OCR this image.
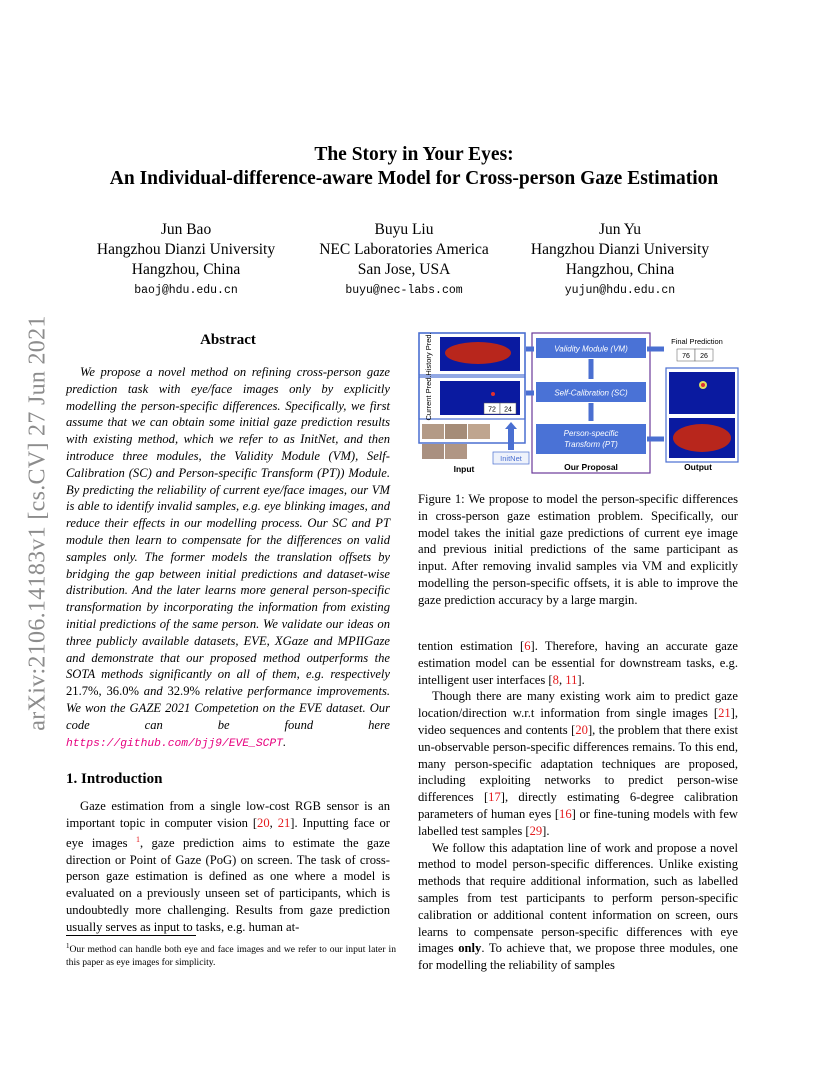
arXiv:2106.14183v1 [cs.CV] 27 Jun 2021
The Story in Your Eyes:
An Individual-difference-aware Model for Cross-person Gaze Estimation
Jun Bao
Hangzhou Dianzi University
Hangzhou, China
baoj@hdu.edu.cn
Buyu Liu
NEC Laboratories America
San Jose, USA
buyu@nec-labs.com
Jun Yu
Hangzhou Dianzi University
Hangzhou, China
yujun@hdu.edu.cn
Abstract

We propose a novel method on refining cross-person gaze prediction task with eye/face images only by explicitly modelling the person-specific differences. Specifically, we first assume that we can obtain some initial gaze prediction results with existing method, which we refer to as InitNet, and then introduce three modules, the Validity Module (VM), Self-Calibration (SC) and Person-specific Transform (PT)) Module. By predicting the reliability of current eye/face images, our VM is able to identify invalid samples, e.g. eye blinking images, and reduce their effects in our modelling process. Our SC and PT module then learn to compensate for the differences on valid samples only. The former models the translation offsets by bridging the gap between initial predictions and dataset-wise distribution. And the later learns more general person-specific transformation by incorporating the information from existing initial predictions of the same person. We validate our ideas on three publicly available datasets, EVE, XGaze and MPIIGaze and demonstrate that our proposed method outperforms the SOTA methods significantly on all of them, e.g. respectively 21.7%, 36.0% and 32.9% relative performance improvements. We won the GAZE 2021 Competetion on the EVE dataset. Our code can be found here https://github.com/bjj9/EVE_SCPT.

1. Introduction

Gaze estimation from a single low-cost RGB sensor is an important topic in computer vision [20, 21]. Inputting face or eye images $^1$, gaze prediction aims to estimate the gaze direction or Point of Gaze (PoG) on screen. The task of cross-person gaze estimation is defined as one where a model is evaluated on a previously unseen set of participants, which is undoubtedly more challenging. Results from gaze prediction usually serves as input to tasks, e.g. human at-

$^1$Our method can handle both eye and face images and we refer to our input later in this paper as eye images for simplicity.
History Pred.
Current Pred.	72 24
Input
InitNet
Validity Module (VM)
Self-Calibration (SC)
Person-specific
Transform (PT)
Our Proposal
Final Prediction
76 26
Output
Figure 1: We propose to model the person-specific differences in cross-person gaze estimation problem. Specifically, our model takes the initial gaze predictions of current eye image and previous initial predictions of the same participant as input. After removing invalid samples via VM and explicitly modelling the person-specific offsets, it is able to improve the gaze prediction accuracy by a large margin.

tention estimation [6]. Therefore, having an accurate gaze estimation model can be essential for downstream tasks, e.g. intelligent user interfaces [8, 11].

Though there are many existing work aim to predict gaze location/direction w.r.t information from single images [21], video sequences and contents [20], the problem that there exist un-observable person-specific differences remains. To this end, many person-specific adaptation techniques are proposed, including exploiting networks to predict person-wise differences [17], directly estimating 6-degree calibration parameters of human eyes [16] or fine-tuning models with few labelled test samples [29].

We follow this adaptation line of work and propose a novel method to model person-specific differences. Unlike existing methods that require additional information, such as labelled samples from test participants to perform person-specific calibration or additional content information on screen, ours learns to compensate person-specific differences with eye images only. To achieve that, we propose three modules, one for modelling the reliability of samples
